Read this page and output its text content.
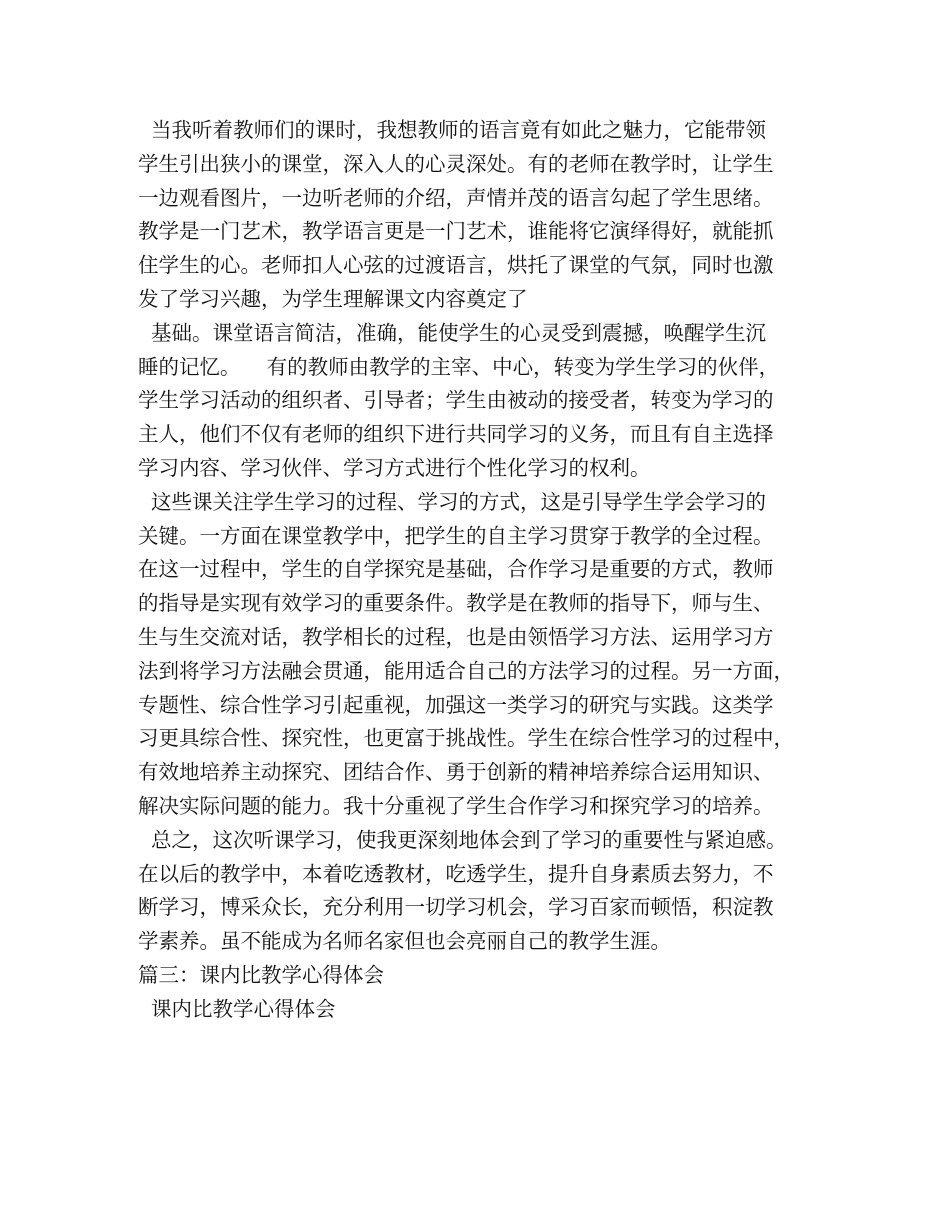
当我听着教师们的课时，我想教师的语言竟有如此之魅力，它能带领
学生引出狭小的课堂，深入人的心灵深处。有的老师在教学时，让学生
一边观看图片，一边听老师的介绍，声情并茂的语言勾起了学生思绪。
教学是一门艺术，教学语言更是一门艺术，谁能将它演绎得好，就能抓
住学生的心。老师扣人心弦的过渡语言，烘托了课堂的气氛，同时也激
发了学习兴趣，为学生理解课文内容奠定了
基础。课堂语言简洁，准确，能使学生的心灵受到震撼，唤醒学生沉
睡的记忆。    有的教师由教学的主宰、中心，转变为学生学习的伙伴，
学生学习活动的组织者、引导者；学生由被动的接受者，转变为学习的
主人，他们不仅有老师的组织下进行共同学习的义务，而且有自主选择
学习内容、学习伙伴、学习方式进行个性化学习的权利。
这些课关注学生学习的过程、学习的方式，这是引导学生学会学习的
关键。一方面在课堂教学中，把学生的自主学习贯穿于教学的全过程。
在这一过程中，学生的自学探究是基础，合作学习是重要的方式，教师
的指导是实现有效学习的重要条件。教学是在教师的指导下，师与生、
生与生交流对话，教学相长的过程，也是由领悟学习方法、运用学习方
法到将学习方法融会贯通，能用适合自己的方法学习的过程。另一方面，
专题性、综合性学习引起重视，加强这一类学习的研究与实践。这类学
习更具综合性、探究性，也更富于挑战性。学生在综合性学习的过程中，
有效地培养主动探究、团结合作、勇于创新的精神培养综合运用知识、
解决实际问题的能力。我十分重视了学生合作学习和探究学习的培养。
总之，这次听课学习，使我更深刻地体会到了学习的重要性与紧迫感。
在以后的教学中，本着吃透教材，吃透学生，提升自身素质去努力，不
断学习，博采众长，充分利用一切学习机会，学习百家而顿悟，积淀教
学素养。虽不能成为名师名家但也会亮丽自己的教学生涯。
篇三：课内比教学心得体会
课内比教学心得体会
